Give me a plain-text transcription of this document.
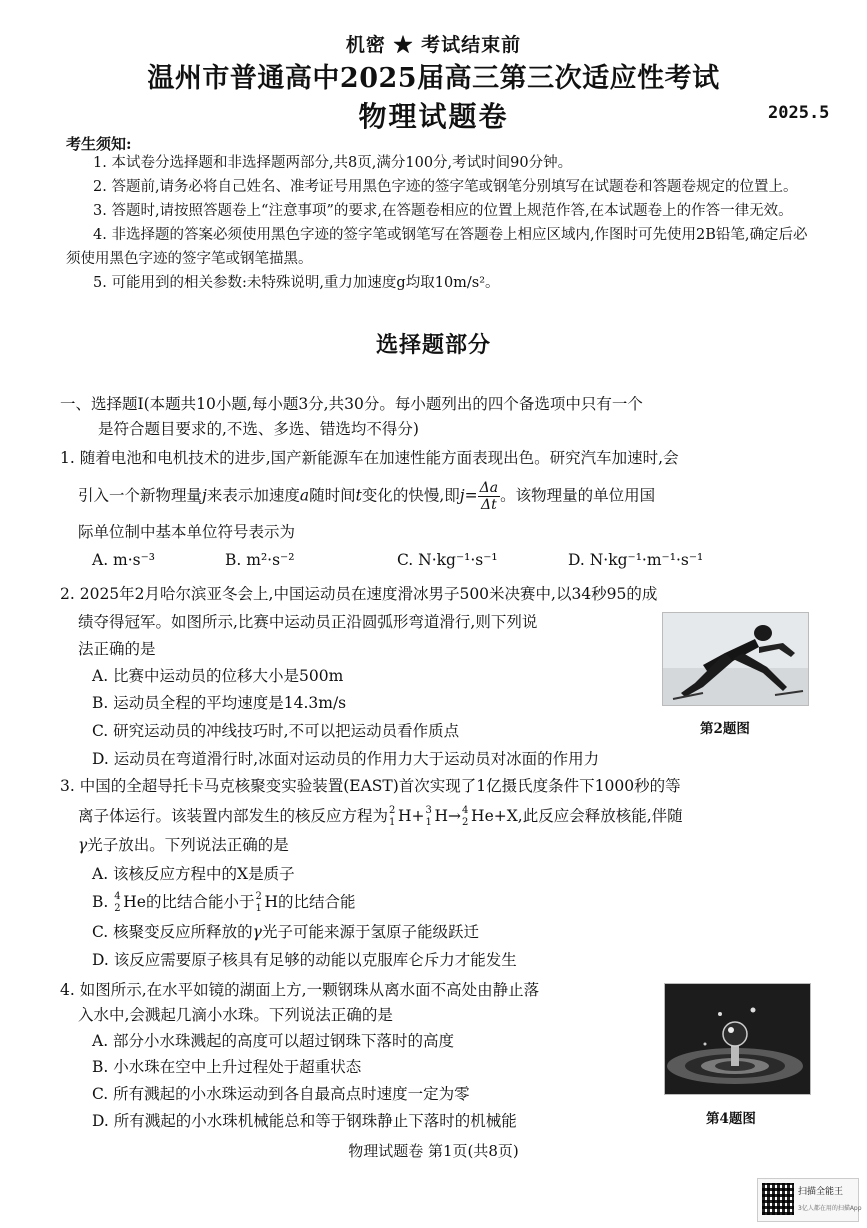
机密 ★ 考试结束前
温州市普通高中2025届高三第三次适应性考试
物理试题卷	2025.5
考生须知:

1. 本试卷分选择题和非选择题两部分,共8页,满分100分,考试时间90分钟。

2. 答题前,请务必将自己姓名、准考证号用黑色字迹的签字笔或钢笔分别填写在试题卷和答题卷规定的位置上。

3. 答题时,请按照答题卷上“注意事项”的要求,在答题卷相应的位置上规范作答,在本试题卷上的作答一律无效。

4. 非选择题的答案必须使用黑色字迹的签字笔或钢笔写在答题卷上相应区域内,作图时可先使用2B铅笔,确定后必须使用黑色字迹的签字笔或钢笔描黑。

5. 可能用到的相关参数:未特殊说明,重力加速度g均取10m/s²。

选择题部分
一、选择题Ⅰ(本题共10小题,每小题3分,共30分。每小题列出的四个备选项中只有一个
是符合题目要求的,不选、多选、错选均不得分)
1. 随着电池和电机技术的进步,国产新能源车在加速性能方面表现出色。研究汽车加速时,会
引入一个新物理量j来表示加速度a随时间t变化的快慢,即$j= \frac{\Delta a}{\Delta t}$ 。该物理量的单位用国
际单位制中基本单位符号表示为
A. m·s⁻³	B. m²·s⁻²	C. N·kg⁻¹·s⁻¹	D. N·kg⁻¹·m⁻¹·s⁻¹
2. 2025年2月哈尔滨亚冬会上,中国运动员在速度滑冰男子500米决赛中,以34秒95的成
绩夺得冠军。如图所示,比赛中运动员正沿圆弧形弯道滑行,则下列说
法正确的是
A. 比赛中运动员的位移大小是500m
B. 运动员全程的平均速度是14.3m/s
C. 研究运动员的冲线技巧时,不可以把运动员看作质点
D. 运动员在弯道滑行时,冰面对运动员的作用力大于运动员对冰面的作用力
第2题图
3. 中国的全超导托卡马克核聚变实验装置(EAST)首次实现了1亿摄氏度条件下1000秒的等
离子体运行。该装置内部发生的核反应方程为 2
1 H+ 3
1 H→ 4
2 He+X,此反应会释放核能,伴随
γ光子放出。下列说法正确的是
A. 该核反应方程中的X是质子
B. 4
2 He的比结合能小于 2
1 H的比结合能
C. 核聚变反应所释放的γ光子可能来源于氢原子能级跃迁
D. 该反应需要原子核具有足够的动能以克服库仑斥力才能发生
4. 如图所示,在水平如镜的湖面上方,一颗钢珠从离水面不高处由静止落
入水中,会溅起几滴小水珠。下列说法正确的是
A. 部分小水珠溅起的高度可以超过钢珠下落时的高度
B. 小水珠在空中上升过程处于超重状态
C. 所有溅起的小水珠运动到各自最高点时速度一定为零
D. 所有溅起的小水珠机械能总和等于钢珠静止下落时的机械能	第4题图
物理试题卷 第1页(共8页)
扫描全能王
3亿人都在用的扫描App
